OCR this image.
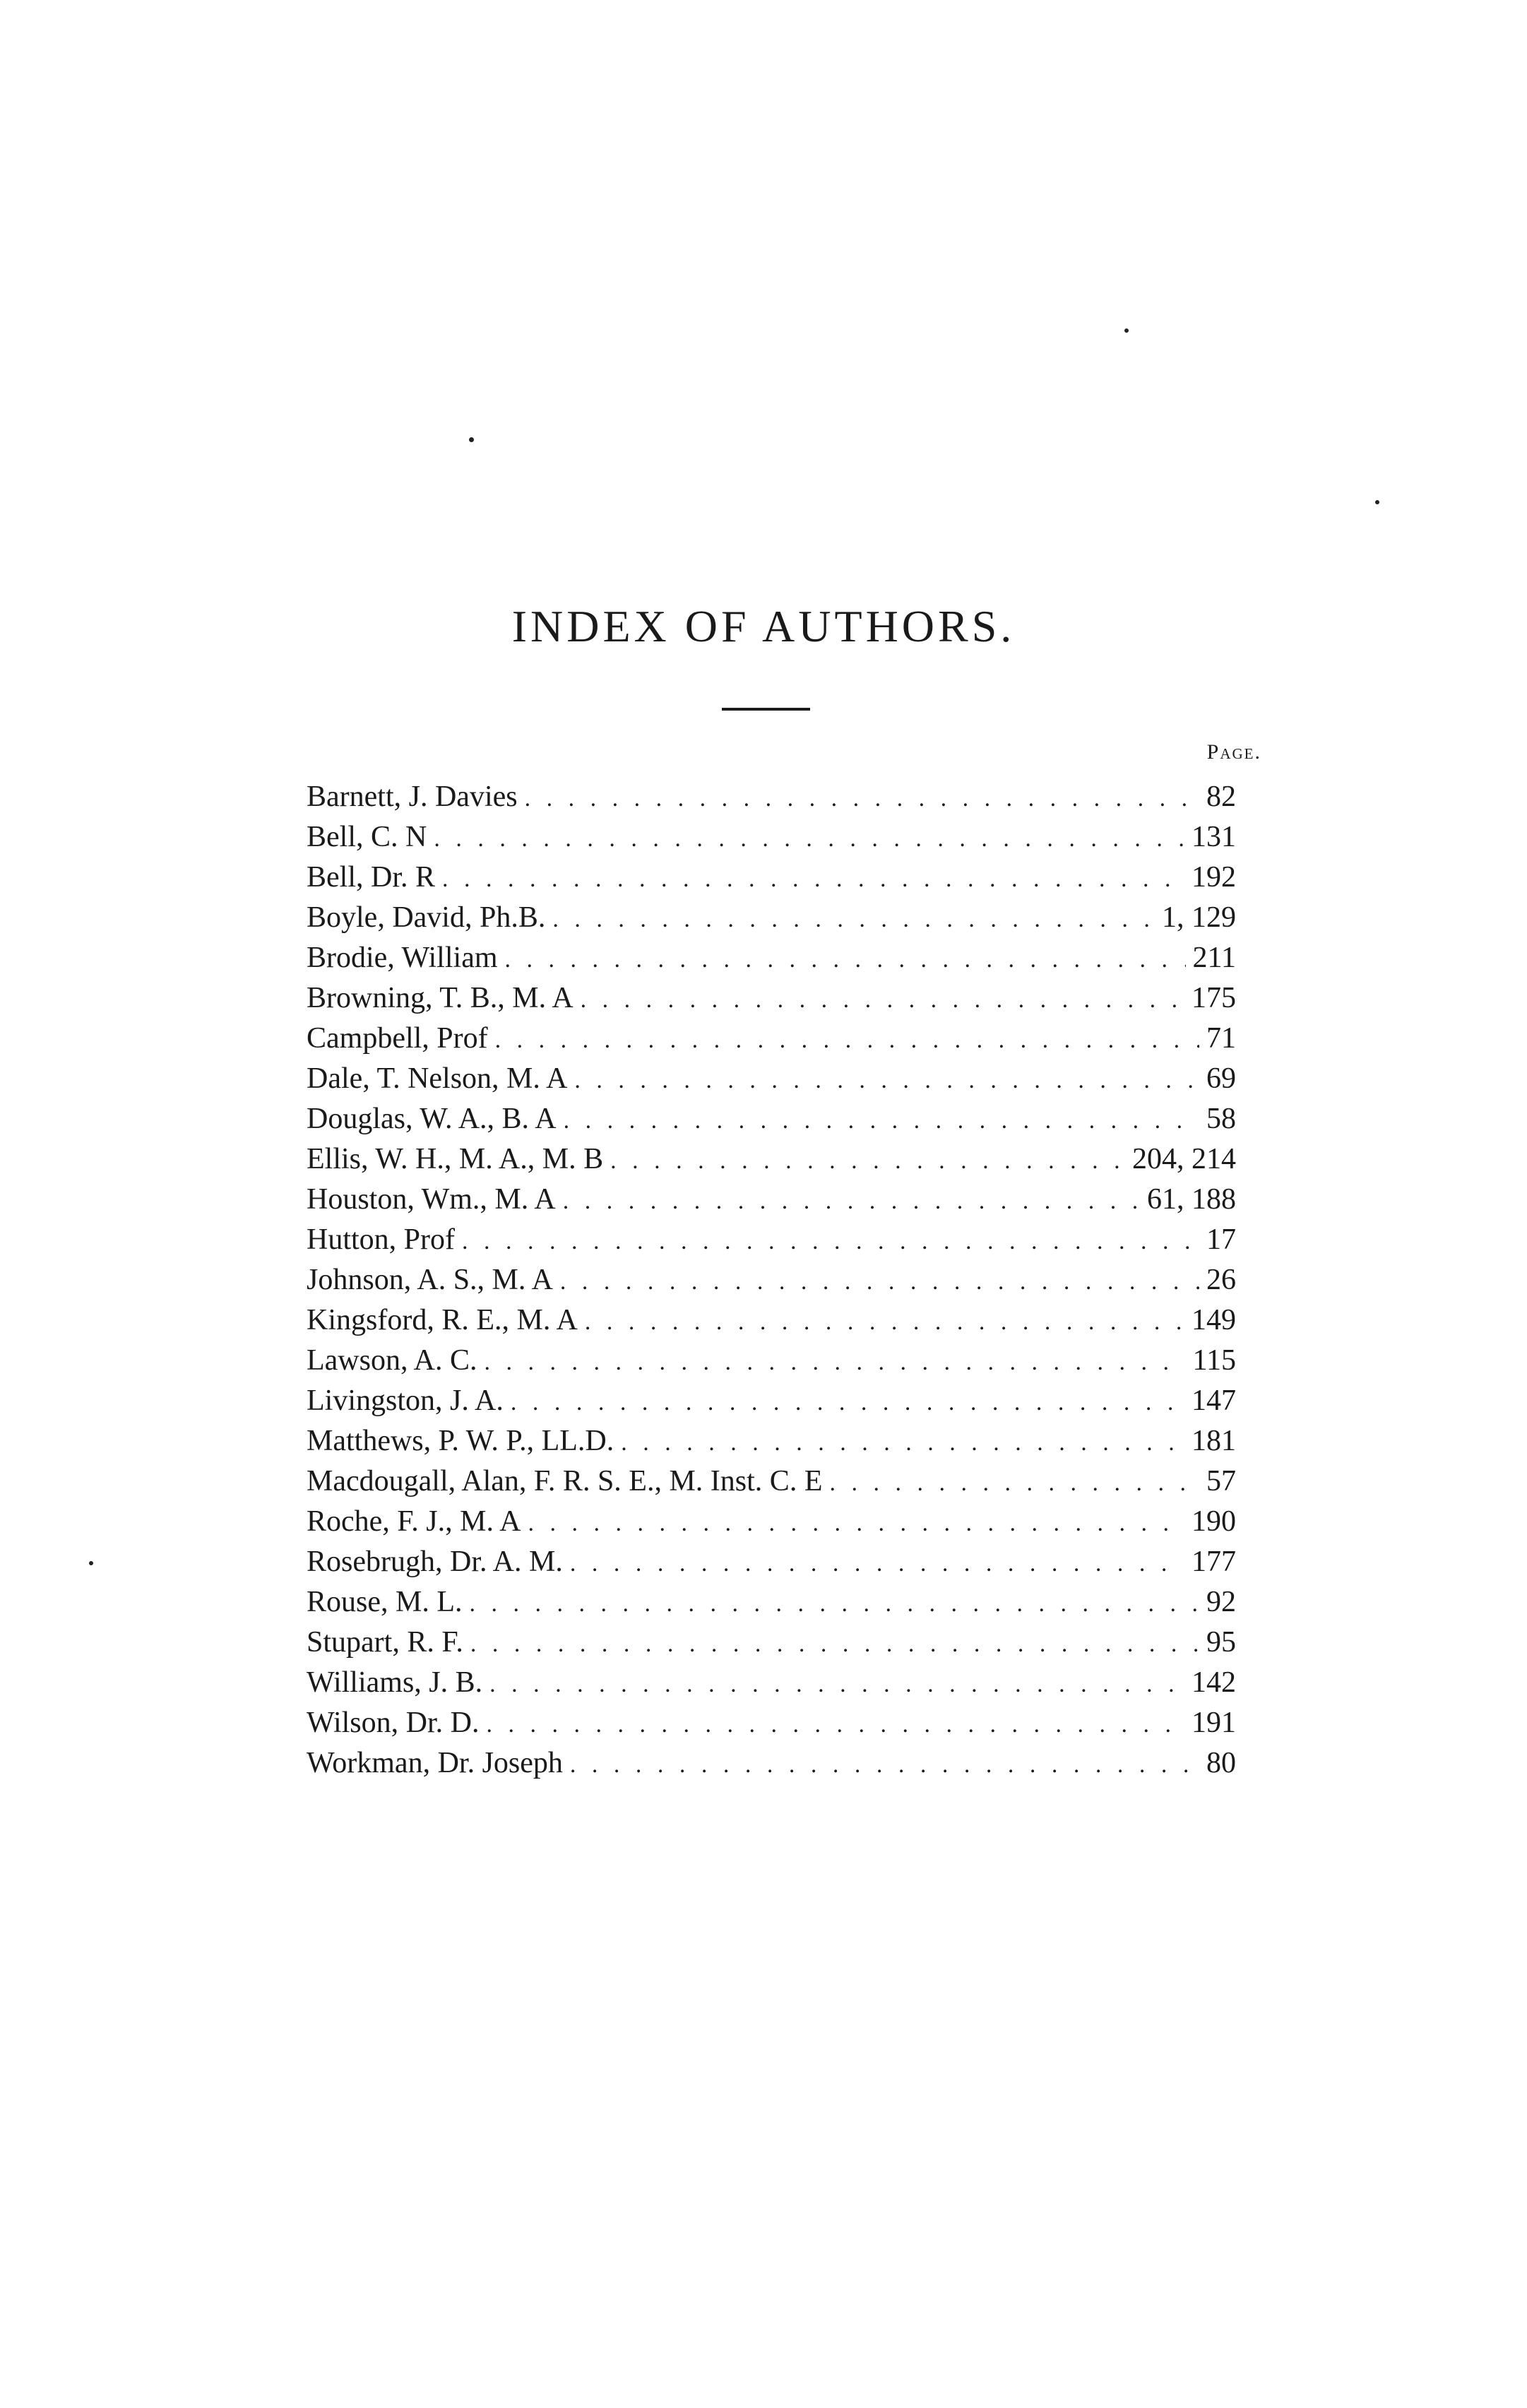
INDEX OF AUTHORS.
Page.
Barnett, J. Davies . . .	82
Bell, C. N . . .	131
Bell, Dr. R . . .	192
Boyle, David, Ph.B. . . .	1, 129
Brodie, William . . .	211
Browning, T. B., M. A . . .	175
Campbell, Prof . . .	71
Dale, T. Nelson, M. A . . .	69
Douglas, W. A., B. A . . .	58
Ellis, W. H., M. A., M. B . . .	204, 214
Houston, Wm., M. A . . .	61, 188
Hutton, Prof . . .	17
Johnson, A. S., M. A . . .	26
Kingsford, R. E., M. A . . .	149
Lawson, A. C. . . .	115
Livingston, J. A. . . .	147
Matthews, P. W. P., LL.D. . . .	181
Macdougall, Alan, F. R. S. E., M. Inst. C. E . . .	57
Roche, F. J., M. A . . .	190
Rosebrugh, Dr. A. M. . . .	177
Rouse, M. L. . . .	92
Stupart, R. F. . . .	95
Williams, J. B. . . .	142
Wilson, Dr. D. . . .	191
Workman, Dr. Joseph . . .	80
